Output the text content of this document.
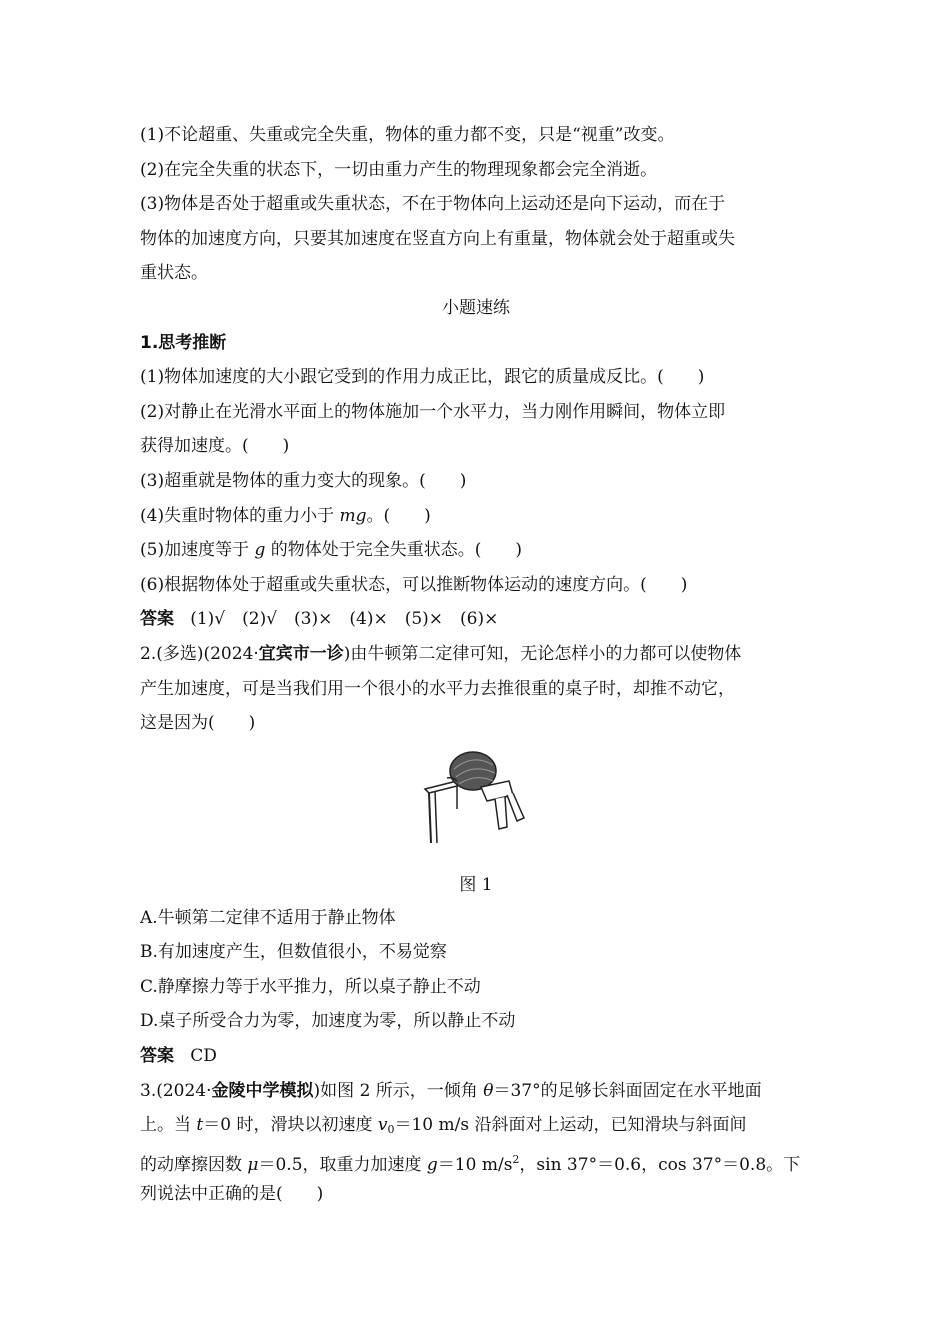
(1)不论超重、失重或完全失重，物体的重力都不变，只是“视重”改变。
(2)在完全失重的状态下，一切由重力产生的物理现象都会完全消逝。
(3)物体是否处于超重或失重状态，不在于物体向上运动还是向下运动，而在于
物体的加速度方向，只要其加速度在竖直方向上有重量，物体就会处于超重或失
重状态。
小题速练
1.思考推断
(1)物体加速度的大小跟它受到的作用力成正比，跟它的质量成反比。(　　)
(2)对静止在光滑水平面上的物体施加一个水平力，当力刚作用瞬间，物体立即
获得加速度。(　　)
(3)超重就是物体的重力变大的现象。(　　)
(4)失重时物体的重力小于 mg。(　　)
(5)加速度等于 g 的物体处于完全失重状态。(　　)
(6)根据物体处于超重或失重状态，可以推断物体运动的速度方向。(　　)
答案 (1)√　(2)√　(3)×　(4)×　(5)×　(6)×
2.(多选)(2024·宜宾市一诊)由牛顿第二定律可知，无论怎样小的力都可以使物体
产生加速度，可是当我们用一个很小的水平力去推很重的桌子时，却推不动它，
这是因为(　　)
图 1
A.牛顿第二定律不适用于静止物体
B.有加速度产生，但数值很小，不易觉察
C.静摩擦力等于水平推力，所以桌子静止不动
D.桌子所受合力为零，加速度为零，所以静止不动
答案 CD
3.(2024·金陵中学模拟)如图 2 所示，一倾角 θ＝37°的足够长斜面固定在水平地面
上。当 t＝0 时，滑块以初速度 $v_0=10$ m/s 沿斜面对上运动，已知滑块与斜面间
的动摩擦因数 μ＝0.5，取重力加速度 g＝10 $m/s^2$，sin 37°＝0.6，cos 37°＝0.8。下
列说法中正确的是(　　)
